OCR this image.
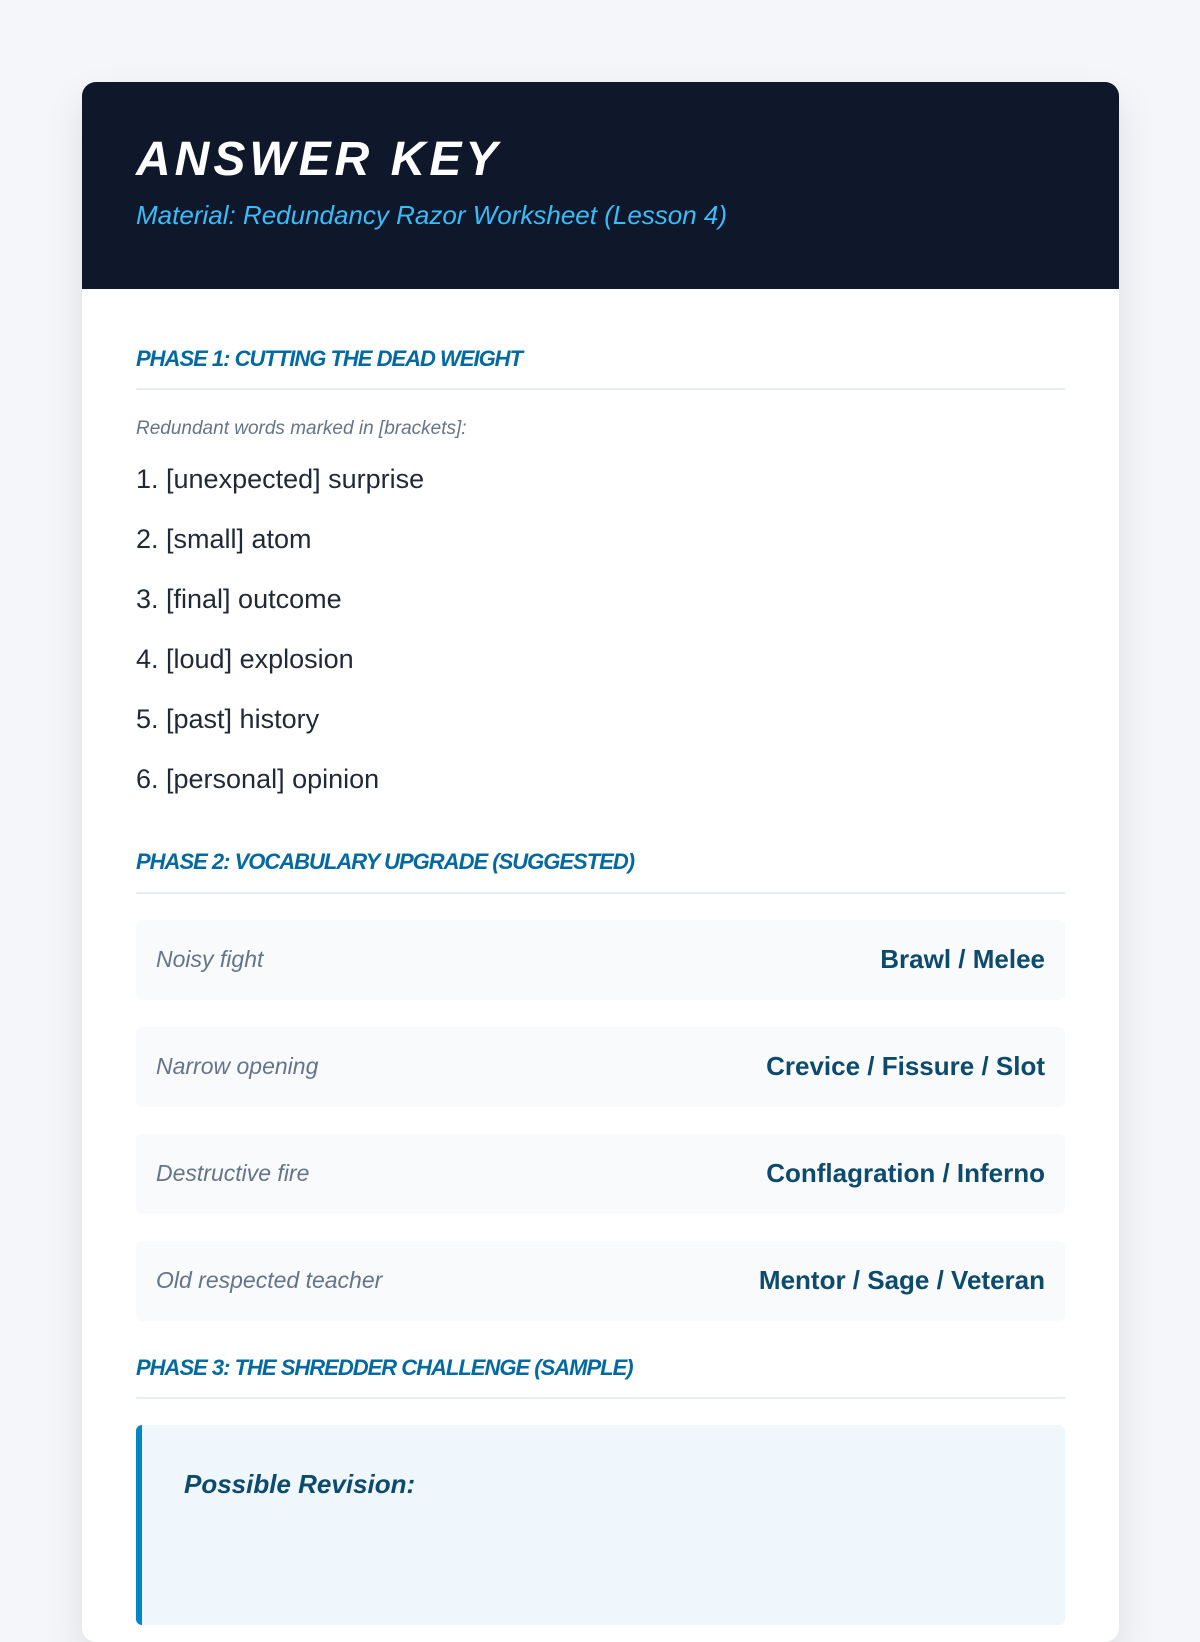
ANSWER KEY

Material: Redundancy Razor Worksheet (Lesson 4)

PHASE 1: CUTTING THE DEAD WEIGHT
Redundant words marked in [brackets]:
1. [unexpected] surprise
2. [small] atom
3. [final] outcome
4. [loud] explosion
5. [past] history
6. [personal] opinion
PHASE 2: VOCABULARY UPGRADE (SUGGESTED)
Noisy fight	Brawl / Melee
Narrow opening	Crevice / Fissure / Slot
Destructive fire	Conflagration / Inferno
Old respected teacher	Mentor / Sage / Veteran
PHASE 3: THE SHREDDER CHALLENGE (SAMPLE)

Possible Revision:
